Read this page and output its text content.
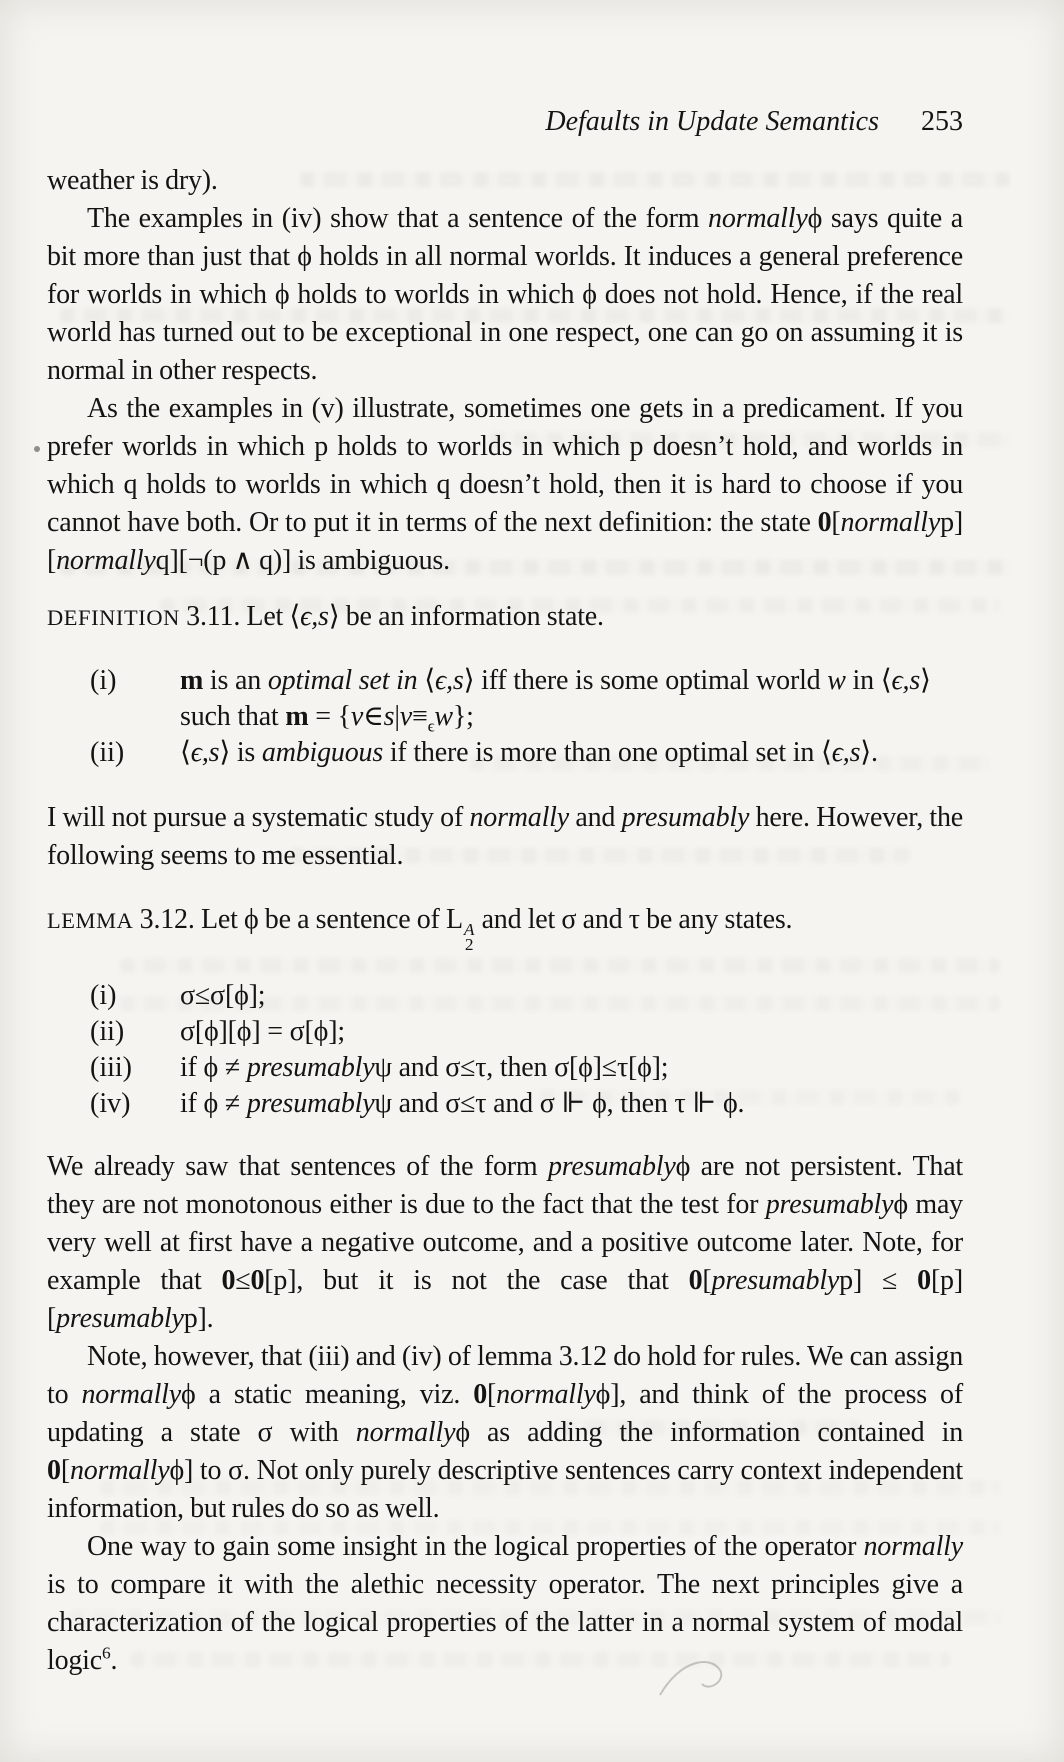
Defaults in Update Semantics 253

weather is dry).

The examples in (iv) show that a sentence of the form normallyϕ says quite a bit more than just that ϕ holds in all normal worlds. It induces a general preference for worlds in which ϕ holds to worlds in which ϕ does not hold. Hence, if the real world has turned out to be exceptional in one respect, one can go on assuming it is normal in other respects.

As the examples in (v) illustrate, sometimes one gets in a predicament. If you prefer worlds in which p holds to worlds in which p doesn’t hold, and worlds in which q holds to worlds in which q doesn’t hold, then it is hard to choose if you cannot have both. Or to put it in terms of the next definition: the state 0[normallyp][normallyq][¬(p ∧ q)] is ambiguous.

DEFINITION 3.11. Let ⟨ϵ,s⟩ be an information state.

(i)	m is an optimal set in ⟨ϵ,s⟩ iff there is some optimal world w in ⟨ϵ,s⟩ such that $m = \{v\in s|v\equiv_\epsilon w\}$;
(ii)	⟨ϵ,s⟩ is ambiguous if there is more than one optimal set in ⟨ϵ,s⟩.

I will not pursue a systematic study of normally and presumably here. However, the following seems to me essential.

LEMMA 3.12. Let ϕ be a sentence of L A
2
and let σ and τ be any states.

(i)	σ≤σ[ϕ];
(ii)	σ[ϕ][ϕ] = σ[ϕ];
(iii)	if ϕ ≠ presumablyψ and σ≤τ, then σ[ϕ]≤τ[ϕ];
(iv)	if ϕ ≠ presumablyψ and σ≤τ and σ ⊩ ϕ, then τ ⊩ ϕ.

We already saw that sentences of the form presumablyϕ are not persistent. That they are not monotonous either is due to the fact that the test for presumablyϕ may very well at first have a negative outcome, and a positive outcome later. Note, for example that 0≤0[p], but it is not the case that 0[presumablyp] ≤ 0[p][presumablyp].

Note, however, that (iii) and (iv) of lemma 3.12 do hold for rules. We can assign to normallyϕ a static meaning, viz. 0[normallyϕ], and think of the process of updating a state σ with normallyϕ as adding the information contained in 0[normallyϕ] to σ. Not only purely descriptive sentences carry context independent information, but rules do so as well.

One way to gain some insight in the logical properties of the operator normally is to compare it with the alethic necessity operator. The next principles give a characterization of the logical properties of the latter in a normal system of modal logic$^6$.
